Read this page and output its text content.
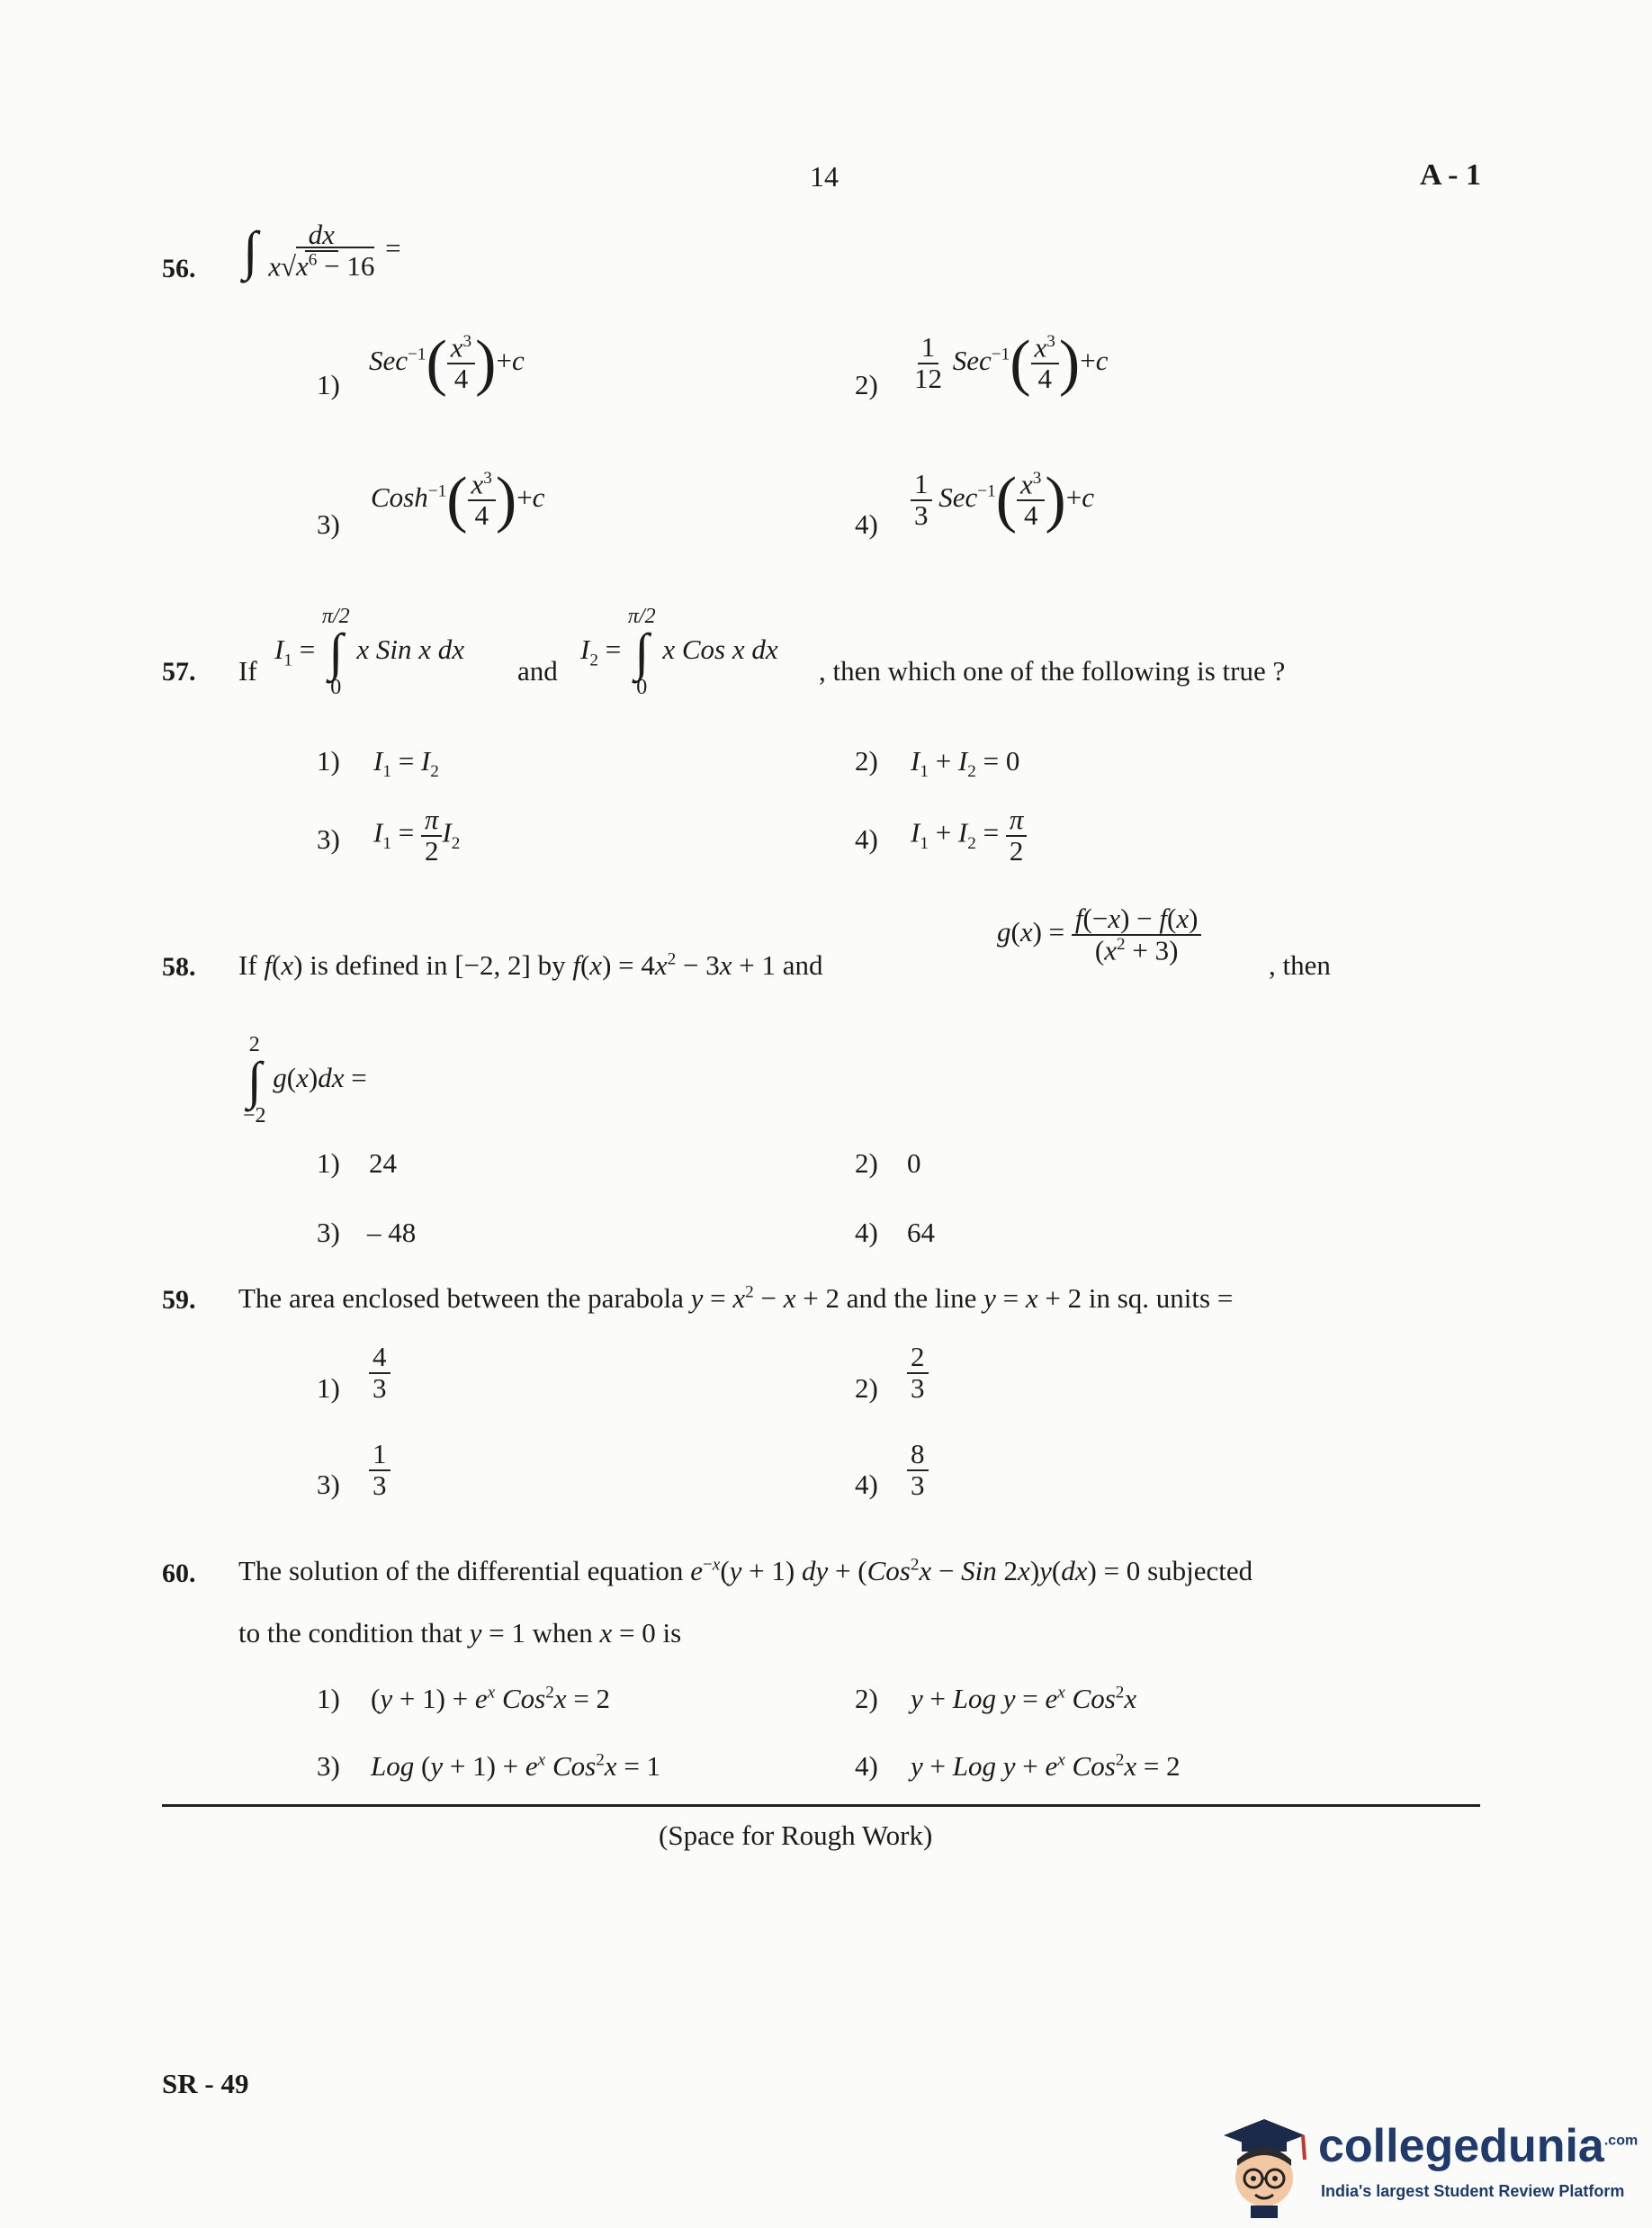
14	A - 1
56. ∫ $\frac{dx}{x√x^6 - 16}$ =
1)
$Sec^{-1}( \frac{x^3}{4} )+c$
$2) \frac{1}{12} Sec^{-1}( \frac{x^3}{4} )+c$
3)
Cosh$^{-1}$( $\frac{x^3}{4} )+c$
$4) \frac{1}{3} Sec^{-1}( \frac{x^3}{4} )+c$
57. If
$I_1$ =
π/2
∫
0
x Sin x dx
and
$I_2$ =
π/2
∫
0
x Cos x dx
, then which one of the following is true ?
1) $I_1 = I_2$	2) $I_1 + I_2 = 0$
3) $I_1 = \frac{\pi}{2} I_2$	4) $I_1 + I_2 = \frac{\pi}{2}$
58. If f(x) is defined in [−2, 2] by $f(x) = 4x^2 - 3x + 1$ and
$g(x) = \frac{f(-x) - f(x)}{(x^2 + 3)}$
, then
2
∫
−2
g(x)dx =
1) 24	2) 0
3) – 48	4) 64
59. The area enclosed between the parabola $y = x^2 - x + 2$ and the line y = x + 2 in sq. units =
$1) \frac{4}{3}$	$2) \frac{2}{3}$
$3) \frac{1}{3}$	$4) \frac{8}{3}$
60. The solution of the differential equation $e^{-x}(y + 1)$ dy + (Cos$^2$x − Sin 2x)y(dx) = 0 subjected
to the condition that y = 1 when x = 0 is
1) $(y + 1) + e^x$ Cos$^2$x = 2	2) y + Log $y = e^x$ Cos$^2$x
3) Log $(y + 1) + e^x$ Cos$^2$x = 1	4) y + Log $y + e^x$ Cos$^2$x = 2
(Space for Rough Work)
SR - 49
collegedunia$^{.com}$
India's largest Student Review Platform
